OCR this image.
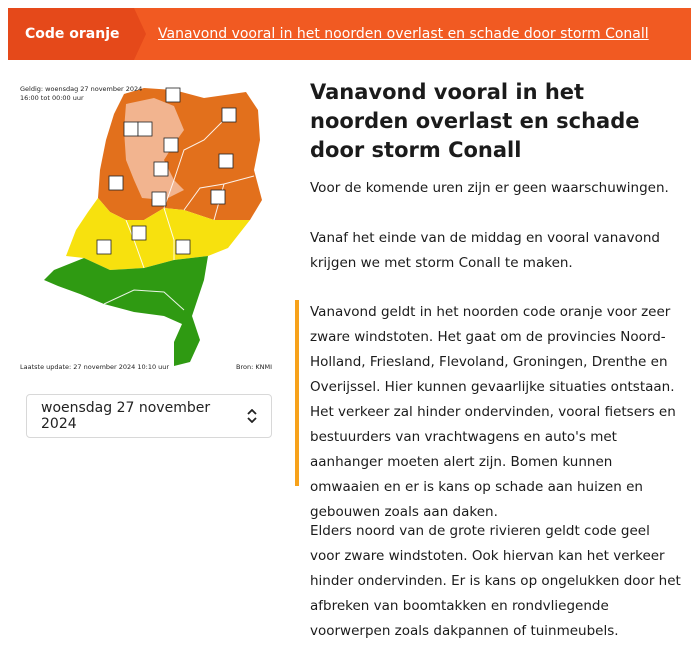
Code oranje	Vanavond vooral in het noorden overlast en schade door storm Conall
Geldig: woensdag 27 november 2024
16:00 tot 00:00 uur
Laatste update: 27 november 2024 10:10 uur	Bron: KNMI
woensdag 27 november 2024
Vanavond vooral in het noorden overlast en schade door storm Conall

Voor de komende uren zijn er geen waarschuwingen.

Vanaf het einde van de middag en vooral vanavond krijgen we met storm Conall te maken.

Vanavond geldt in het noorden code oranje voor zeer zware windstoten. Het gaat om de provincies Noord-Holland, Friesland, Flevoland, Groningen, Drenthe en Overijssel. Hier kunnen gevaarlijke situaties ontstaan. Het verkeer zal hinder ondervinden, vooral fietsers en bestuurders van vrachtwagens en auto's met aanhanger moeten alert zijn. Bomen kunnen omwaaien en er is kans op schade aan huizen en gebouwen zoals aan daken.

Elders noord van de grote rivieren geldt code geel voor zware windstoten. Ook hiervan kan het verkeer hinder ondervinden. Er is kans op ongelukken door het afbreken van boomtakken en rondvliegende voorwerpen zoals dakpannen of tuinmeubels.
